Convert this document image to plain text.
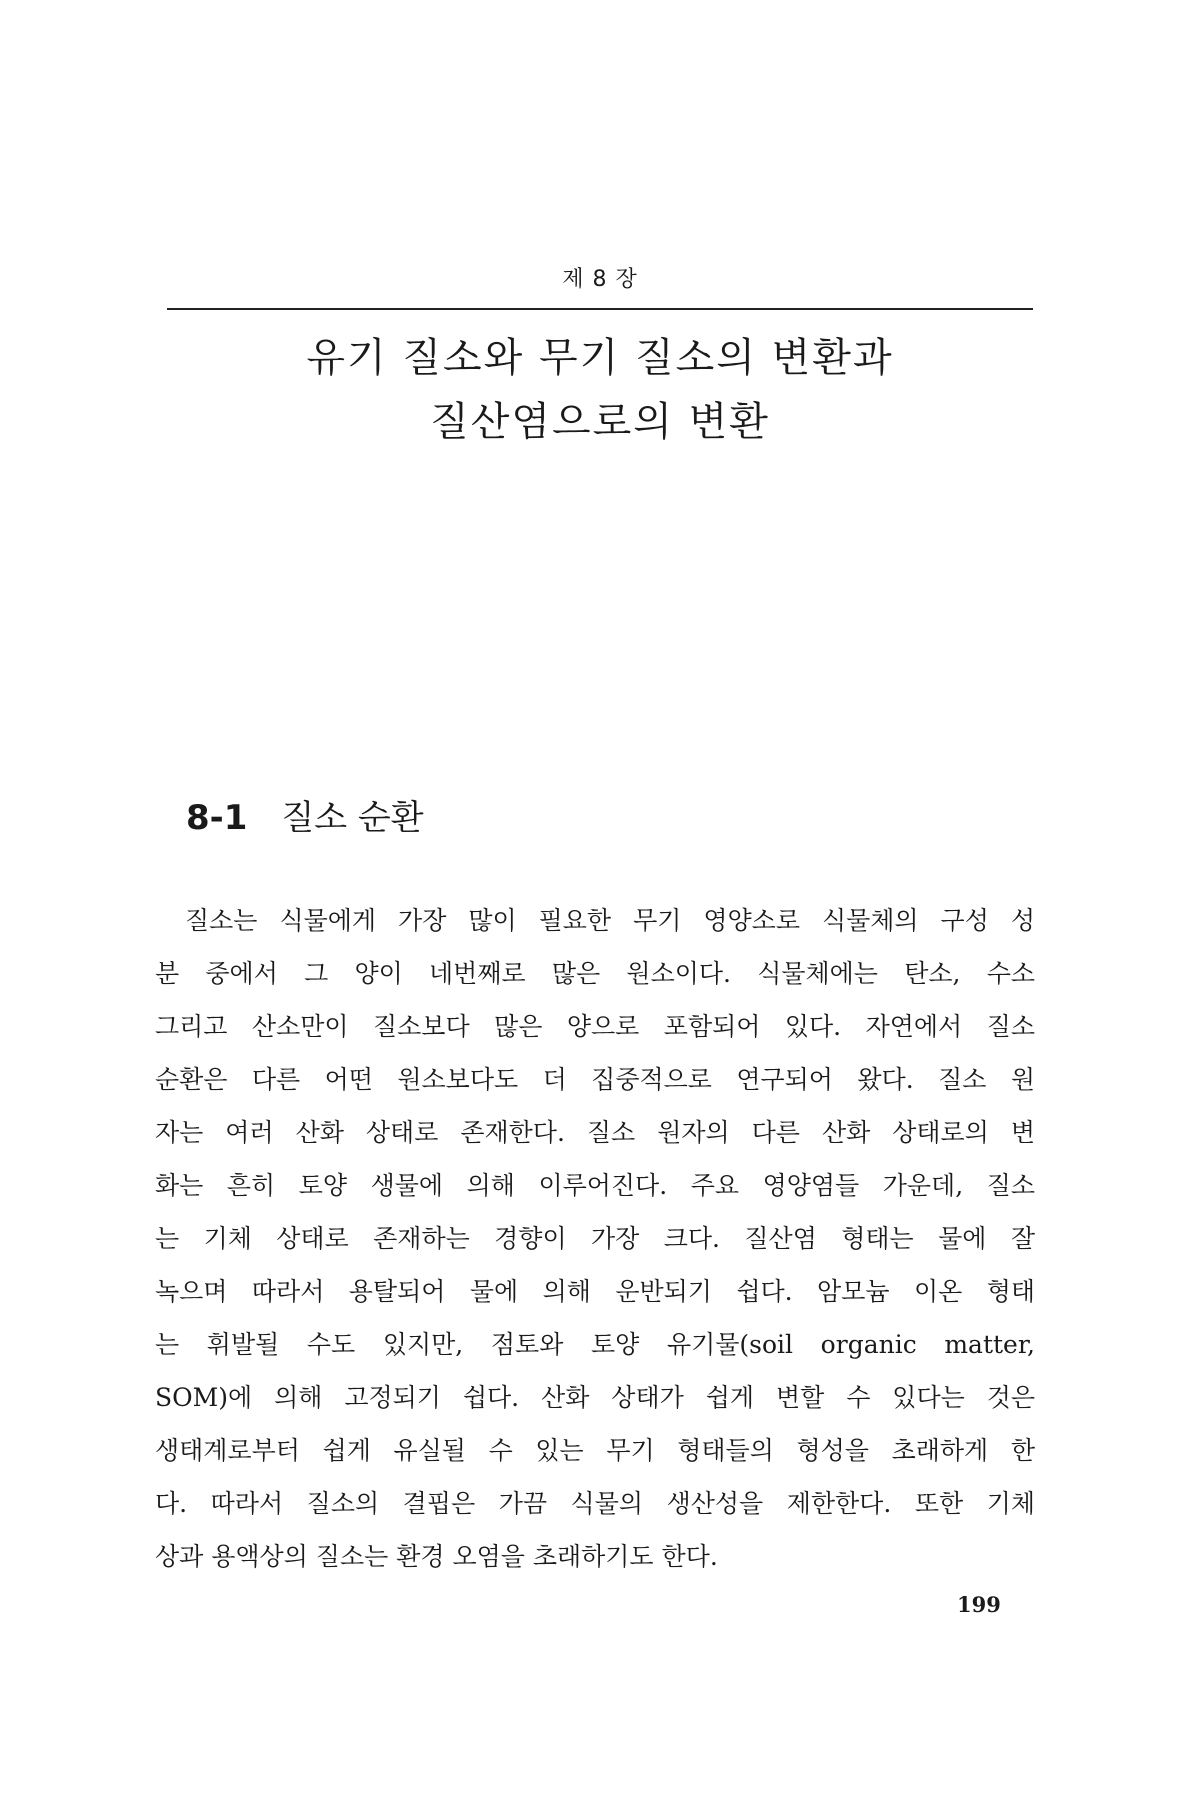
제 8 장
유기 질소와 무기 질소의 변환과
질산염으로의 변환
8-1 질소 순환
질소는 식물에게 가장 많이 필요한 무기 영양소로 식물체의 구성 성
분 중에서 그 양이 네번째로 많은 원소이다. 식물체에는 탄소, 수소
그리고 산소만이 질소보다 많은 양으로 포함되어 있다. 자연에서 질소
순환은 다른 어떤 원소보다도 더 집중적으로 연구되어 왔다. 질소 원
자는 여러 산화 상태로 존재한다. 질소 원자의 다른 산화 상태로의 변
화는 흔히 토양 생물에 의해 이루어진다. 주요 영양염들 가운데, 질소
는 기체 상태로 존재하는 경향이 가장 크다. 질산염 형태는 물에 잘
녹으며 따라서 용탈되어 물에 의해 운반되기 쉽다. 암모늄 이온 형태
는 휘발될 수도 있지만, 점토와 토양 유기물(soil organic matter,
SOM)에 의해 고정되기 쉽다. 산화 상태가 쉽게 변할 수 있다는 것은
생태계로부터 쉽게 유실될 수 있는 무기 형태들의 형성을 초래하게 한
다. 따라서 질소의 결핍은 가끔 식물의 생산성을 제한한다. 또한 기체
상과 용액상의 질소는 환경 오염을 초래하기도 한다.
199
